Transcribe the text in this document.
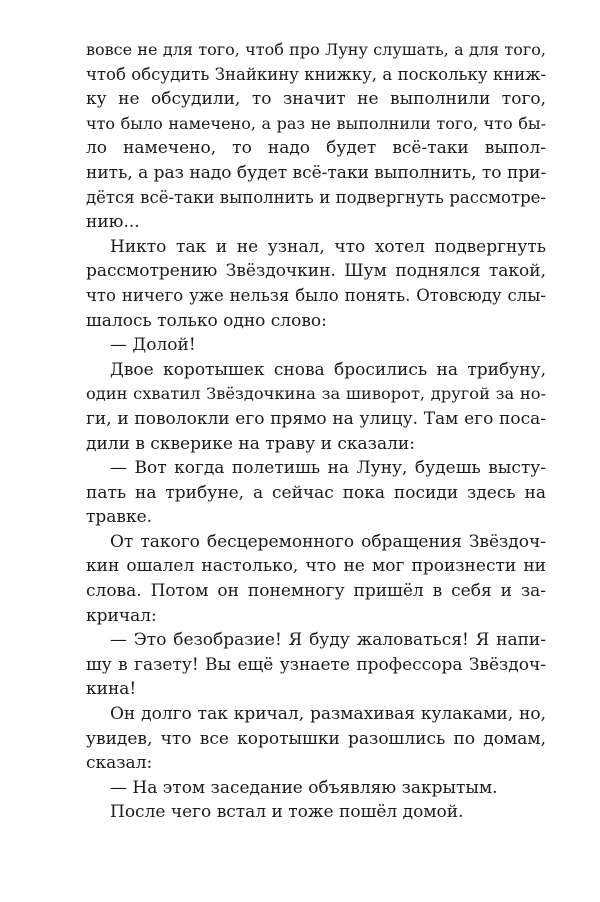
вовсе не для того, чтоб про Луну слушать, а для того,
чтоб обсудить Знайкину книжку, а поскольку книж-
ку не обсудили, то значит не выполнили того,
что было намечено, а раз не выполнили того, что бы-
ло намечено, то надо будет всё-таки выпол-
нить, а раз надо будет всё-таки выполнить, то при-
дётся всё-таки выполнить и подвергнуть рассмотре-
нию...
Никто так и не узнал, что хотел подвергнуть
рассмотрению Звёздочкин. Шум поднялся такой,
что ничего уже нельзя было понять. Отовсюду слы-
шалось только одно слово:
— Долой!
Двое коротышек снова бросились на трибуну,
один схватил Звёздочкина за шиворот, другой за но-
ги, и поволокли его прямо на улицу. Там его поса-
дили в скверике на траву и сказали:
— Вот когда полетишь на Луну, будешь высту-
пать на трибуне, а сейчас пока посиди здесь на
травке.
От такого бесцеремонного обращения Звёздоч-
кин ошалел настолько, что не мог произнести ни
слова. Потом он понемногу пришёл в себя и за-
кричал:
— Это безобразие! Я буду жаловаться! Я напи-
шу в газету! Вы ещё узнаете профессора Звёздоч-
кина!
Он долго так кричал, размахивая кулаками, но,
увидев, что все коротышки разошлись по домам,
сказал:
— На этом заседание объявляю закрытым.
После чего встал и тоже пошёл домой.
